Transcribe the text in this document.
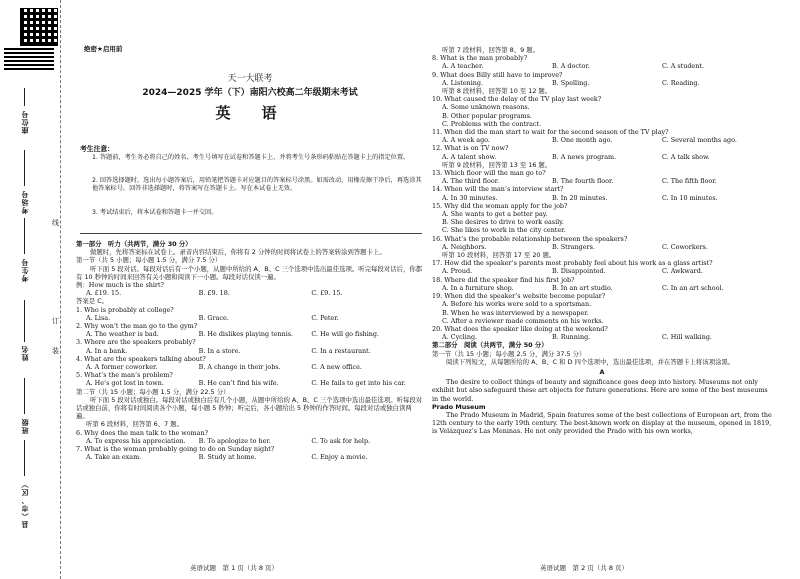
座位号
考场号
考生号
姓名
班级
县（市、区）
线
订
装
绝密★启用前
天一大联考
2024—2025 学年（下）南阳六校高二年级期末考试
英　语
考生注意：
1. 答题前，考生务必将自己的姓名、考生号填写在试卷和答题卡上，并将考生号条形码粘贴在答题卡上的指定位置。
2. 回答选择题时，选出每小题答案后，用铅笔把答题卡对应题目的答案标号涂黑。如需改动，用橡皮擦干净后，再选涂其他答案标号。回答非选择题时，将答案写在答题卡上。写在本试卷上无效。
3. 考试结束后，将本试卷和答题卡一并交回。
第一部分　听力（共两节，满分 30 分）

做题时，先将答案标在试卷上。录音内容结束后，你将有 2 分钟的时间将试卷上的答案转涂到答题卡上。

第一节（共 5 小题；每小题 1.5 分，满分 7.5 分）

听下面 5 段对话。每段对话后有一个小题，从题中所给的 A、B、C 三个选项中选出最佳选项。听完每段对话后，你都有 10 秒钟的时间来回答有关小题和阅读下一小题。每段对话仅读一遍。

例：How much is the shirt?
A. £19. 15.	B. £9. 18.	C. £9. 15.
答案是 C。
1. Who is probably at college?
A. Lisa.	B. Grace.	C. Peter.
2. Why won’t the man go to the gym?
A. The weather is bad.	B. He dislikes playing tennis.	C. He will go fishing.
3. Where are the speakers probably?
A. In a bank.	B. In a store.	C. In a restaurant.
4. What are the speakers talking about?
A. A former coworker.	B. A change in their jobs.	C. A new office.
5. What’s the man’s problem?
A. He’s got lost in town.	B. He can’t find his wife.	C. He fails to get into his car.
第二节（共 15 小题；每小题 1.5 分，满分 22.5 分）

听下面 5 段对话或独白。每段对话或独白后有几个小题，从题中所给的 A、B、C 三个选项中选出最佳选项。听每段对话或独白前，你将有时间阅读各个小题，每小题 5 秒钟；听完后，各小题给出 5 秒钟的作答时间。每段对话或独白读两遍。

听第 6 段材料，回答第 6、7 题。
6. Why does the man talk to the woman?
A. To express his appreciation.	B. To apologize to her.	C. To ask for help.
7. What is the woman probably going to do on Sunday night?
A. Take an exam.	B. Study at home.	C. Enjoy a movie.
听第 7 段材料，回答第 8、9 题。
8. What is the man probably?
A. A teacher.	B. A doctor.	C. A student.
9. What does Billy still have to improve?
A. Listening.	B. Spelling.	C. Reading.
听第 8 段材料，回答第 10 至 12 题。
10. What caused the delay of the TV play last week?
A. Some unknown reasons.
B. Other popular programs.
C. Problems with the contract.
11. When did the man start to wait for the second season of the TV play?
A. A week ago.	B. One month ago.	C. Several months ago.
12. What is on TV now?
A. A talent show.	B. A news program.	C. A talk show.
听第 9 段材料，回答第 13 至 16 题。
13. Which floor will the man go to?
A. The third floor.	B. The fourth floor.	C. The fifth floor.
14. When will the man’s interview start?
A. In 30 minutes.	B. In 20 minutes.	C. In 10 minutes.
15. Why did the woman apply for the job?
A. She wants to get a better pay.
B. She desires to drive to work easily.
C. She likes to work in the city center.
16. What’s the probable relationship between the speakers?
A. Neighbors.	B. Strangers.	C. Coworkers.
听第 10 段材料，回答第 17 至 20 题。
17. How did the speaker’s parents most probably feel about his work as a glass artist?
A. Proud.	B. Disappointed.	C. Awkward.
18. Where did the speaker find his first job?
A. In a furniture shop.	B. In an art studio.	C. In an art school.
19. When did the speaker’s website become popular?
A. Before his works were sold to a sportsman.
B. When he was interviewed by a newspaper.
C. After a reviewer made comments on his works.
20. What does the speaker like doing at the weekend?
A. Cycling.	B. Running.	C. Hill walking.
第二部分　阅读（共两节，满分 50 分）
第一节（共 15 小题；每小题 2.5 分，满分 37.5 分）

阅读下列短文，从每题所给的 A、B、C 和 D 四个选项中，选出最佳选项，并在答题卡上将该项涂黑。

A

The desire to collect things of beauty and significance goes deep into history. Museums not only exhibit but also safeguard these art objects for future generations. Here are some of the best museums in the world.

Prado Museum

The Prado Museum in Madrid, Spain features some of the best collections of European art, from the 12th century to the early 19th century. The best-known work on display at the museum, opened in 1819, is Velázquez’s Las Meninas. He not only provided the Prado with his own works,

英语试题　第 1 页（共 8 页）	英语试题　第 2 页（共 8 页）
